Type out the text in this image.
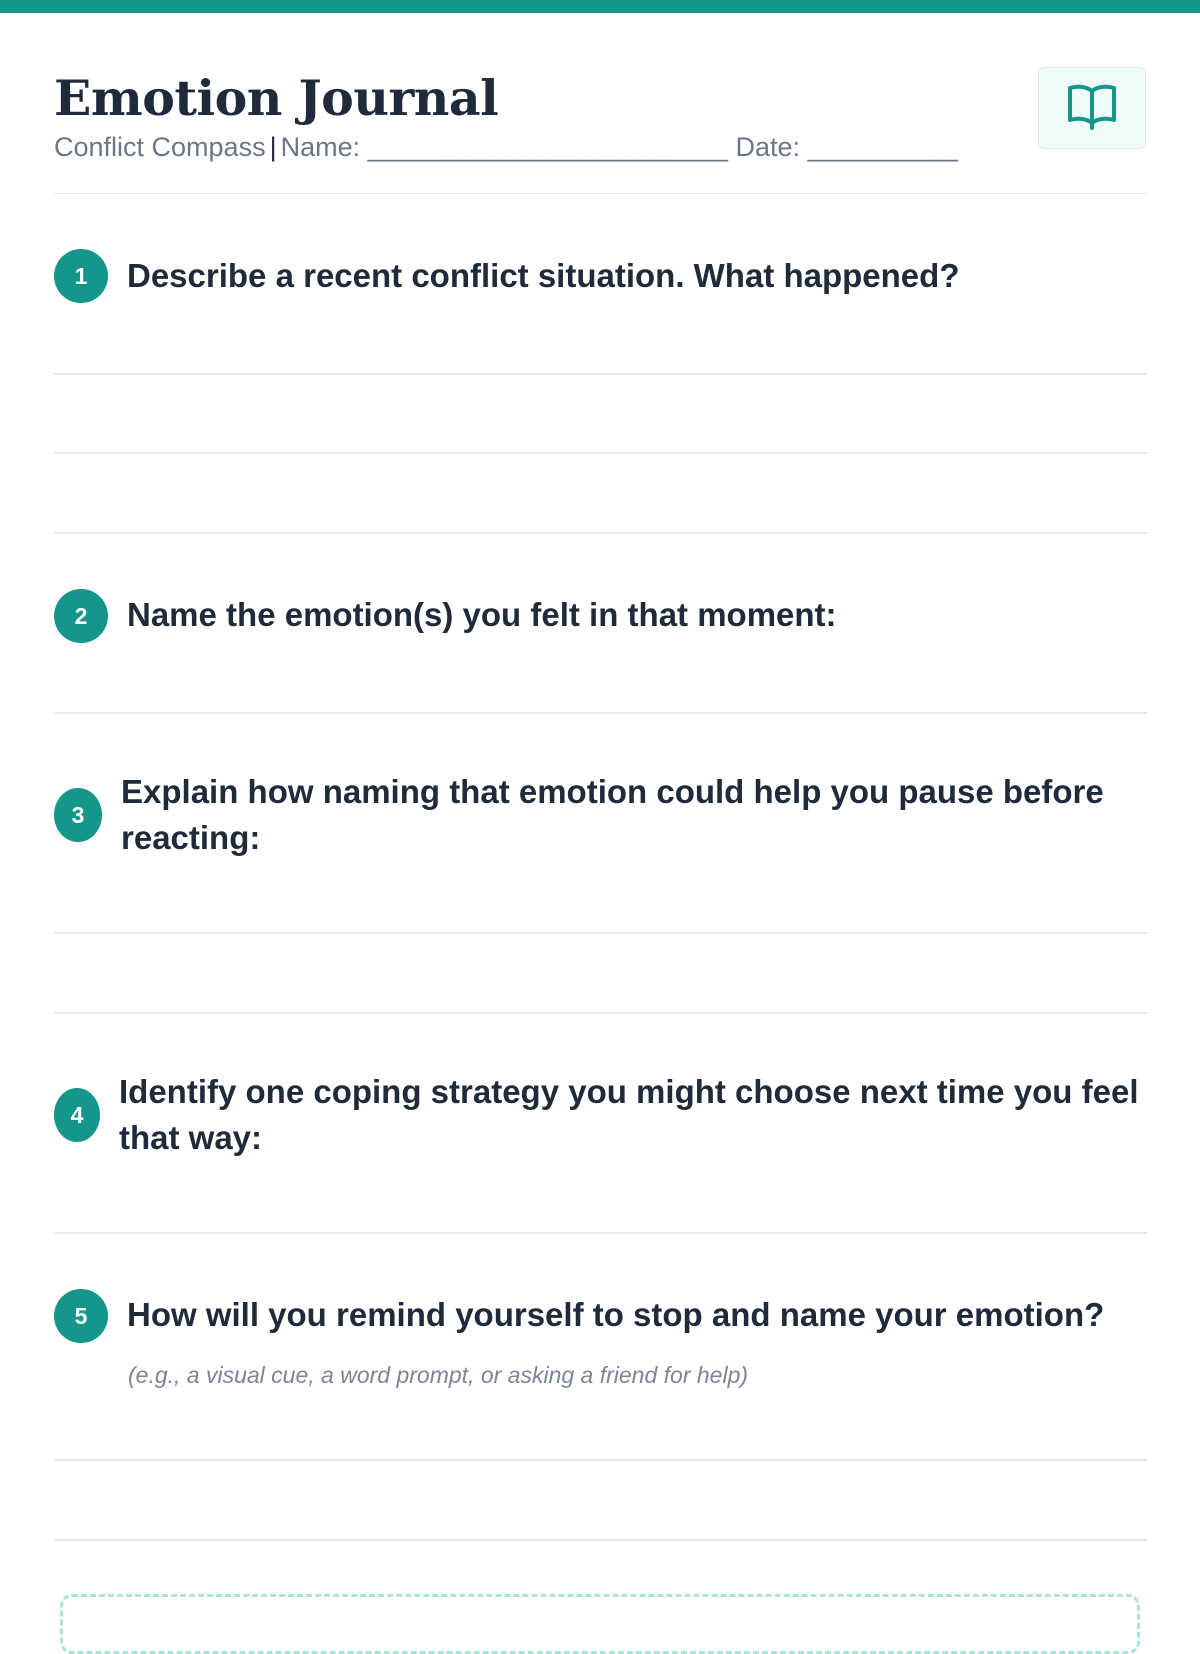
Emotion Journal
Conflict Compass | Name: ________________________ Date: __________
1	Describe a recent conflict situation. What happened?

2	Name the emotion(s) you felt in that moment:

3

Explain how naming that emotion could help you pause before reacting:

4

Identify one coping strategy you might choose next time you feel that way:

5	How will you remind yourself to stop and name your emotion?

(e.g., a visual cue, a word prompt, or asking a friend for help)
